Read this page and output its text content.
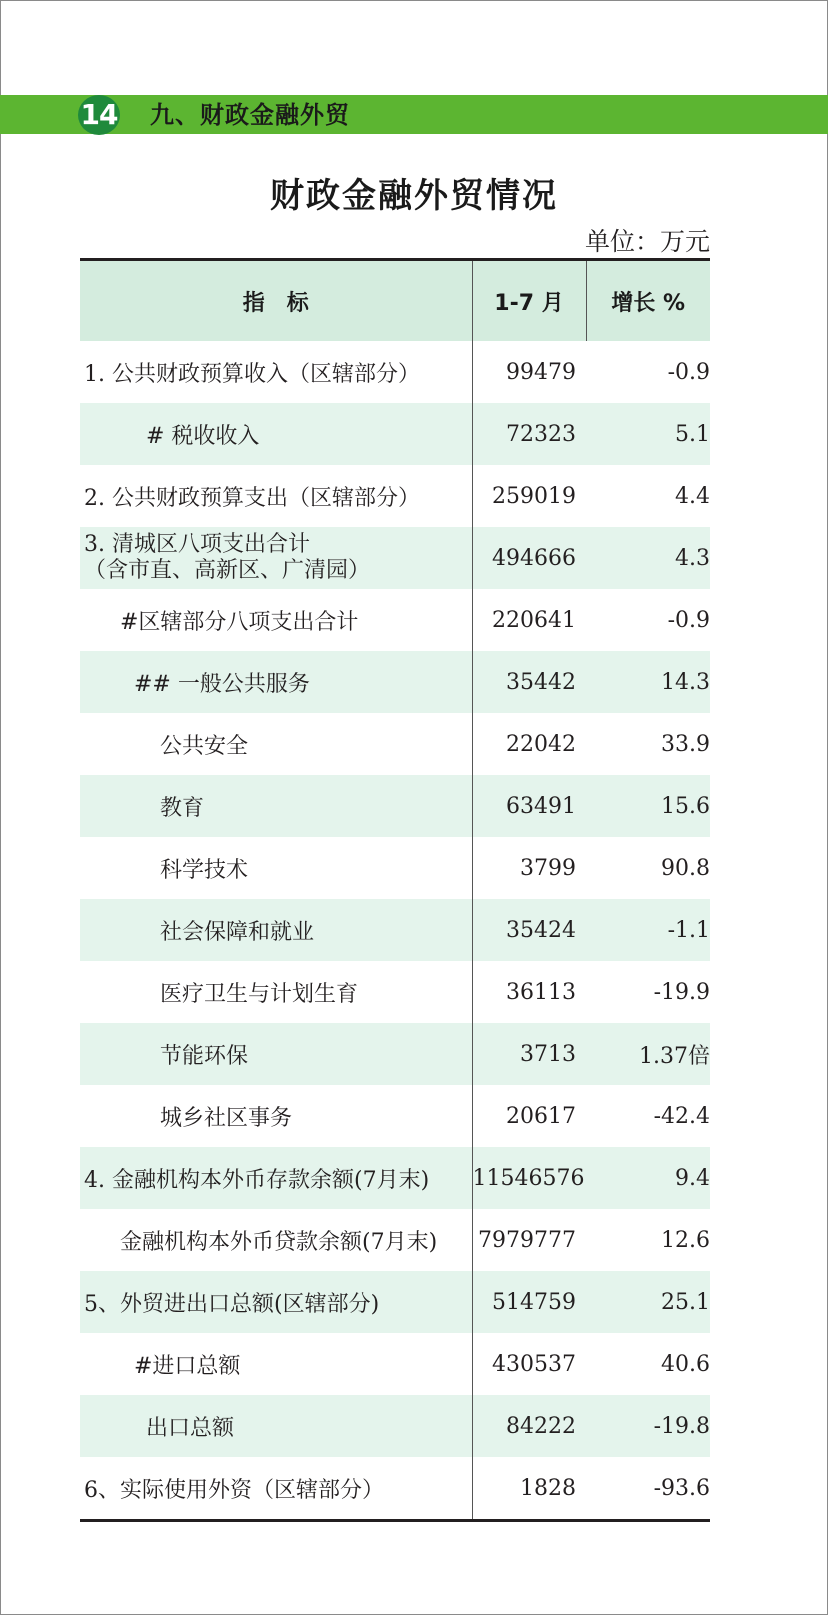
14 九、财政金融外贸
财政金融外贸情况
单位：万元
指　标	1-7 月	增长 %
1. 公共财政预算收入（区辖部分）	99479	-0.9
# 税收收入	72323	5.1
2. 公共财政预算支出（区辖部分）	259019	4.4

3. 清城区八项支出合计
（含市直、高新区、广清园）	494666	4.3
#区辖部分八项支出合计	220641	-0.9
## 一般公共服务	35442	14.3
公共安全	22042	33.9
教育	63491	15.6
科学技术	3799	90.8
社会保障和就业	35424	-1.1
医疗卫生与计划生育	36113	-19.9
节能环保	3713	1.37倍
城乡社区事务	20617	-42.4
4. 金融机构本外币存款余额(7月末)	11546576	9.4
金融机构本外币贷款余额(7月末)	7979777	12.6
5、外贸进出口总额(区辖部分)	514759	25.1
#进口总额	430537	40.6
出口总额	84222	-19.8
6、实际使用外资（区辖部分）	1828	-93.6
